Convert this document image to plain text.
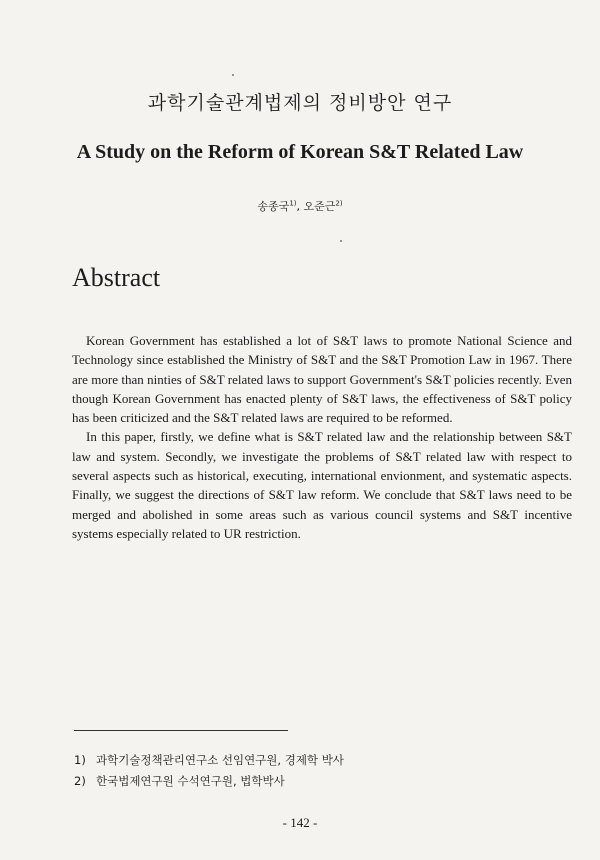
과학기술관계법제의 정비방안 연구
A Study on the Reform of Korean S&T Related Law
송종국$^{1)}$, 오준근$^{2)}$
Abstract

Korean Government has established a lot of S&T laws to promote National Science and Technology since established the Ministry of S&T and the S&T Promotion Law in 1967. There are more than ninties of S&T related laws to support Government's S&T policies recently. Even though Korean Government has enacted plenty of S&T laws, the effectiveness of S&T policy has been criticized and the S&T related laws are required to be reformed.

In this paper, firstly, we define what is S&T related law and the relationship between S&T law and system. Secondly, we investigate the problems of S&T related law with respect to several aspects such as historical, executing, international envionment, and systematic aspects. Finally, we suggest the directions of S&T law reform. We conclude that S&T laws need to be merged and abolished in some areas such as various council systems and S&T incentive systems especially related to UR restriction.

1) 과학기술정책관리연구소 선임연구원, 경제학 박사
2) 한국법제연구원 수석연구원, 법학박사
- 142 -
